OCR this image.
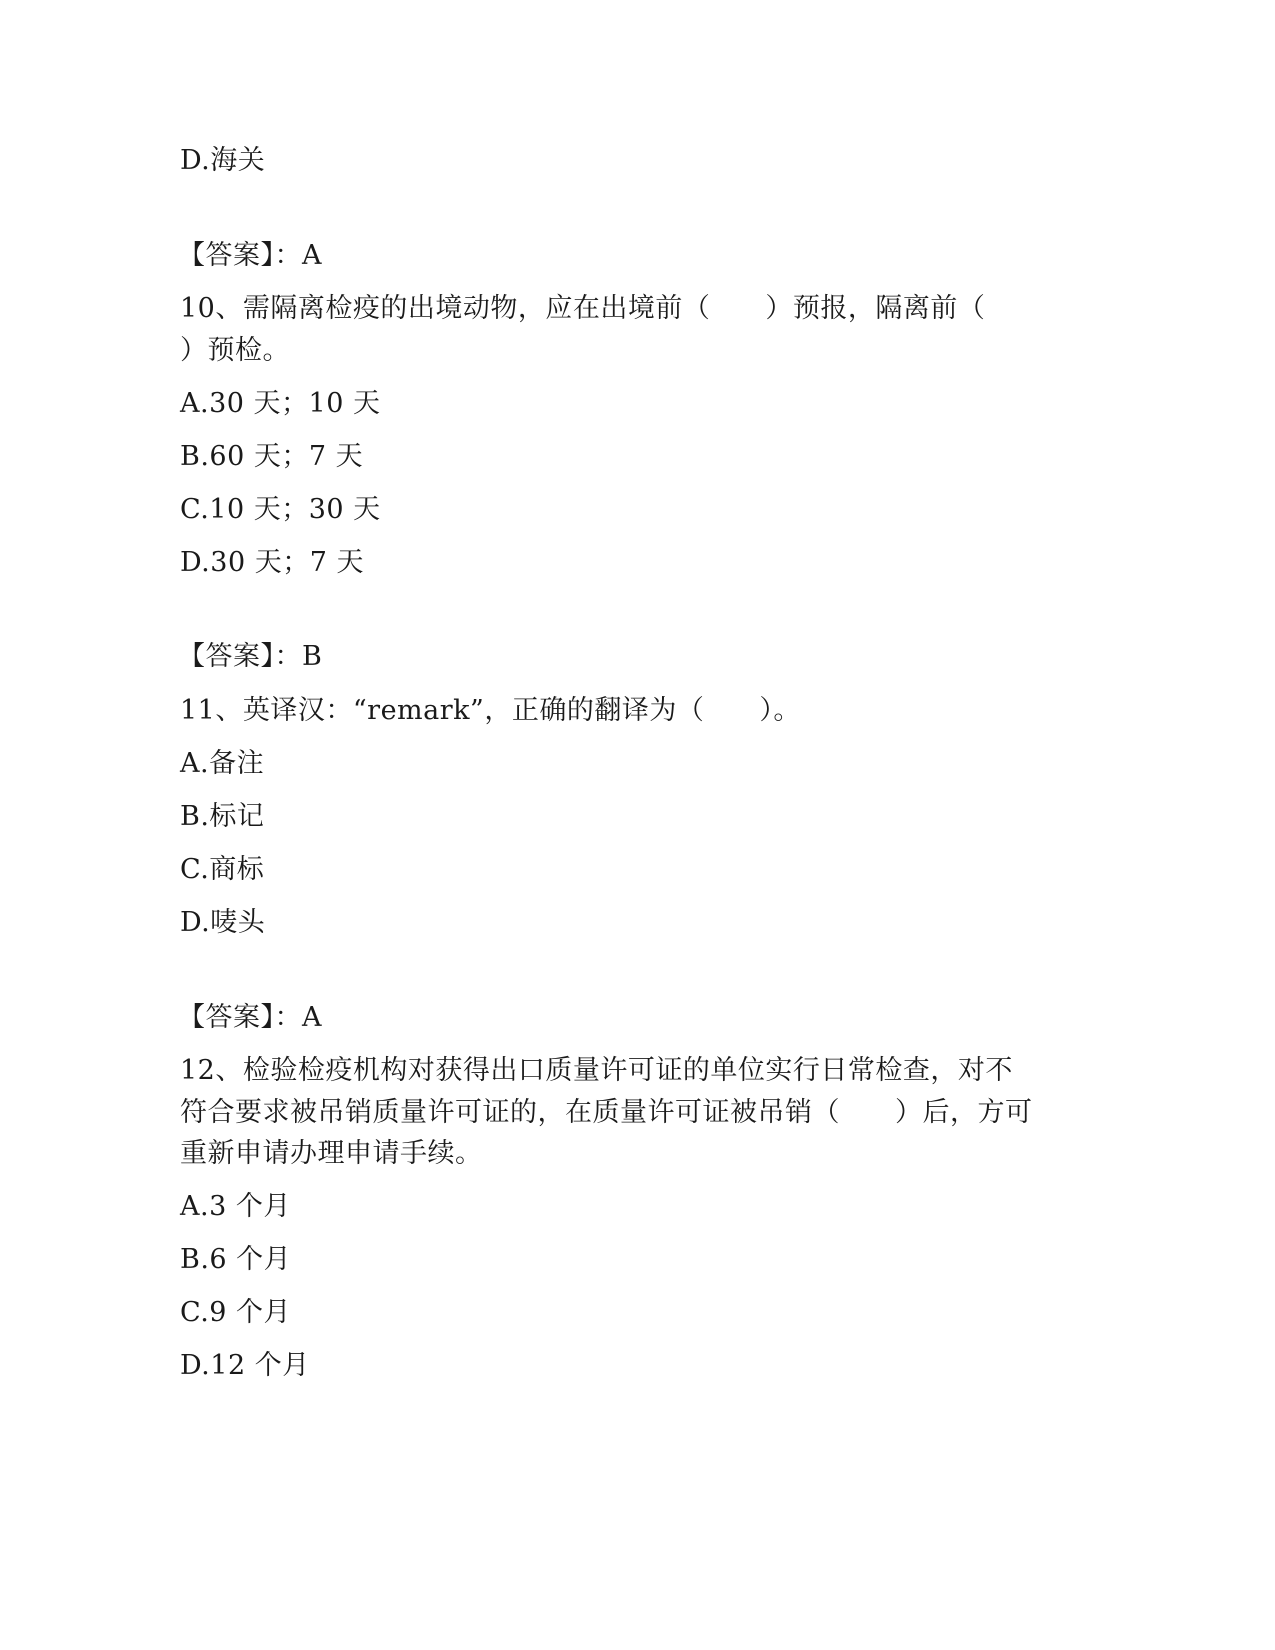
D.海关
【答案】：A
10、需隔离检疫的出境动物，应在出境前（　　）预报，隔离前（
）预检。
A.30 天；10 天
B.60 天；7 天
C.10 天；30 天
D.30 天；7 天
【答案】：B
11、英译汉：“remark”，正确的翻译为（　　）。
A.备注
B.标记
C.商标
D.唛头
【答案】：A
12、检验检疫机构对获得出口质量许可证的单位实行日常检查，对不
符合要求被吊销质量许可证的，在质量许可证被吊销（　　）后，方可
重新申请办理申请手续。
A.3 个月
B.6 个月
C.9 个月
D.12 个月
